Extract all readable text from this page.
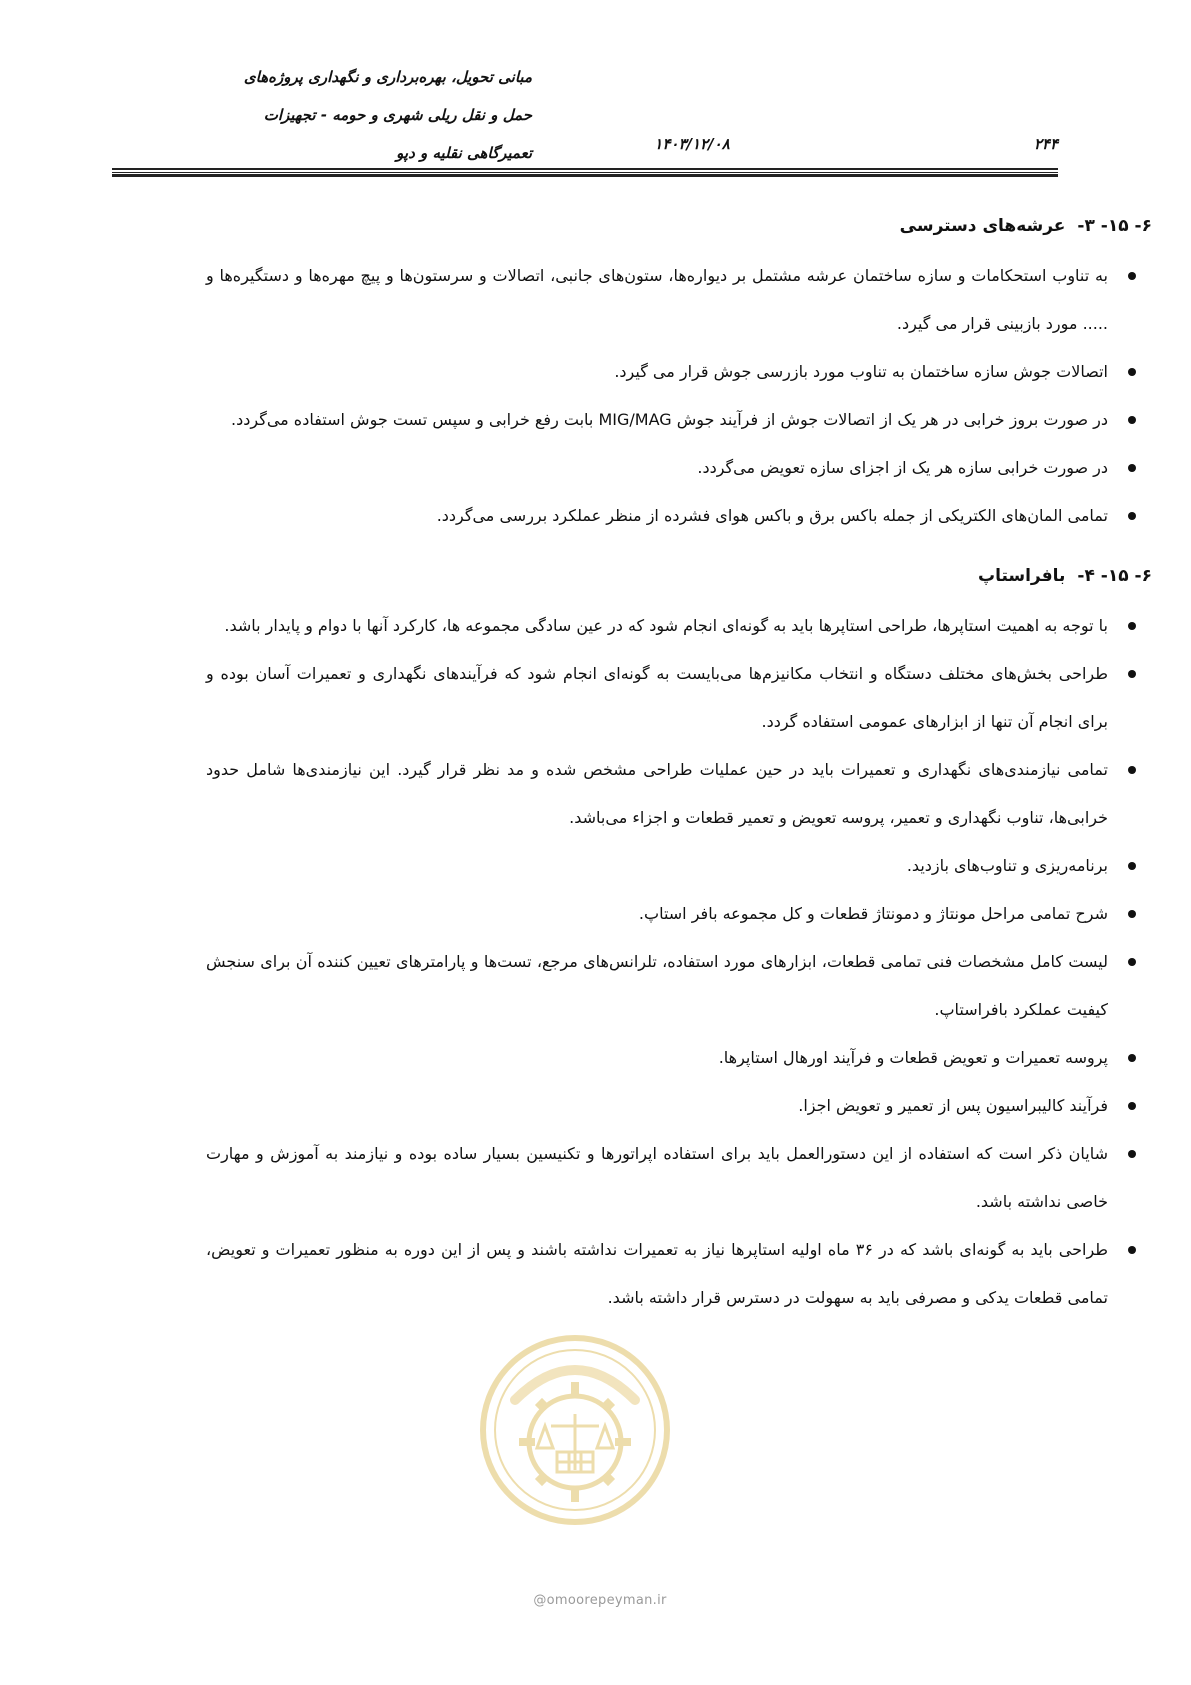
مبانی تحویل، بهره‌برداری و نگهداری پروژه‌های
حمل و نقل ریلی شهری و حومه - تجهیزات
تعمیرگاهی نقلیه و دپو	۱۴۰۳/۱۲/۰۸	۲۴۴
۶- ۱۵- ۳-عرشه‌های دسترسی
به تناوب استحکامات و سازه ساختمان عرشه مشتمل بر دیواره‌ها، ستون‌های جانبی، اتصالات و سرستون‌ها و پیچ مهره‌ها و دستگیره‌ها و ..... مورد بازبینی قرار می گیرد.
اتصالات جوش سازه ساختمان به تناوب مورد بازرسی جوش قرار می گیرد.
در صورت بروز خرابی در هر یک از اتصالات جوش از فرآیند جوش MIG/MAG بابت رفع خرابی و سپس تست جوش استفاده می‌گردد.
در صورت خرابی سازه هر یک از اجزای سازه تعویض می‌گردد.
تمامی المان‌های الکتریکی از جمله باکس برق و باکس هوای فشرده از منظر عملکرد بررسی می‌گردد.
۶- ۱۵- ۴-بافراستاپ
با توجه به اهمیت استاپرها، طراحی استاپرها باید به گونه‌ای انجام شود که در عین سادگی مجموعه ها، کارکرد آنها با دوام و پایدار باشد.
طراحی بخش‌های مختلف دستگاه و انتخاب مکانیزم‌ها می‌بایست به گونه‌ای انجام شود که فرآیندهای نگهداری و تعمیرات آسان بوده و برای انجام آن تنها از ابزارهای عمومی استفاده گردد.
تمامی نیازمندی‌های نگهداری و تعمیرات باید در حین عملیات طراحی مشخص شده و مد نظر قرار گیرد. این نیازمندی‌ها شامل حدود خرابی‌ها، تناوب نگهداری و تعمیر، پروسه تعویض و تعمیر قطعات و اجزاء می‌باشد.
برنامه‌ریزی و تناوب‌های بازدید.
شرح تمامی مراحل مونتاژ و دمونتاژ قطعات و کل مجموعه بافر استاپ.
لیست کامل مشخصات فنی تمامی قطعات، ابزارهای مورد استفاده، تلرانس‌های مرجع، تست‌ها و پارامترهای تعیین کننده آن برای سنجش کیفیت عملکرد بافراستاپ.
پروسه تعمیرات و تعویض قطعات و فرآیند اورهال استاپرها.
فرآیند کالیبراسیون پس از تعمیر و تعویض اجزا.
شایان ذکر است که استفاده از این دستورالعمل باید برای استفاده اپراتورها و تکنیسین بسیار ساده بوده و نیازمند به آموزش و مهارت خاصی نداشته باشد.
طراحی باید به گونه‌ای باشد که در ۳۶ ماه اولیه استاپرها نیاز به تعمیرات نداشته باشند و پس از این دوره به منظور تعمیرات و تعویض، تمامی قطعات یدکی و مصرفی باید به سهولت در دسترس قرار داشته باشد.
@omoorepeyman.ir
